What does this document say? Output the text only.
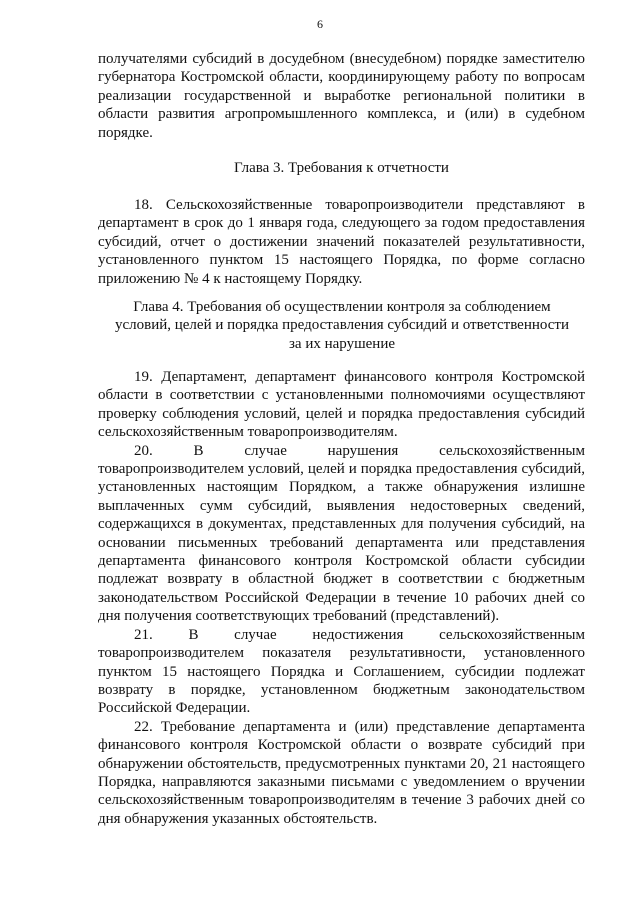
6

получателями субсидий в досудебном (внесудебном) порядке заместителю губернатора Костромской области, координирующему работу по вопросам реализации государственной и выработке региональной политики в области развития агропромышленного комплекса, и (или) в судебном порядке.

Глава 3. Требования к отчетности

18. Сельскохозяйственные товаропроизводители представляют в департамент в срок до 1 января года, следующего за годом предоставления субсидий, отчет о достижении значений показателей результативности, установленного пунктом 15 настоящего Порядка, по форме согласно приложению № 4 к настоящему Порядку.

Глава 4. Требования об осуществлении контроля за соблюдением условий, целей и порядка предоставления субсидий и ответственности за их нарушение

19. Департамент, департамент финансового контроля Костромской области в соответствии с установленными полномочиями осуществляют проверку соблюдения условий, целей и порядка предоставления субсидий сельскохозяйственным товаропроизводителям.

20. В случае нарушения сельскохозяйственным товаропроизводителем условий, целей и порядка предоставления субсидий, установленных настоящим Порядком, а также обнаружения излишне выплаченных сумм субсидий, выявления недостоверных сведений, содержащихся в документах, представленных для получения субсидий, на основании письменных требований департамента или представления департамента финансового контроля Костромской области субсидии подлежат возврату в областной бюджет в соответствии с бюджетным законодательством Российской Федерации в течение 10 рабочих дней со дня получения соответствующих требований (представлений).

21. В случае недостижения сельскохозяйственным товаропроизводителем показателя результативности, установленного пунктом 15 настоящего Порядка и Соглашением, субсидии подлежат возврату в порядке, установленном бюджетным законодательством Российской Федерации.

22. Требование департамента и (или) представление департамента финансового контроля Костромской области о возврате субсидий при обнаружении обстоятельств, предусмотренных пунктами 20, 21 настоящего Порядка, направляются заказными письмами с уведомлением о вручении сельскохозяйственным товаропроизводителям в течение 3 рабочих дней со дня обнаружения указанных обстоятельств.
